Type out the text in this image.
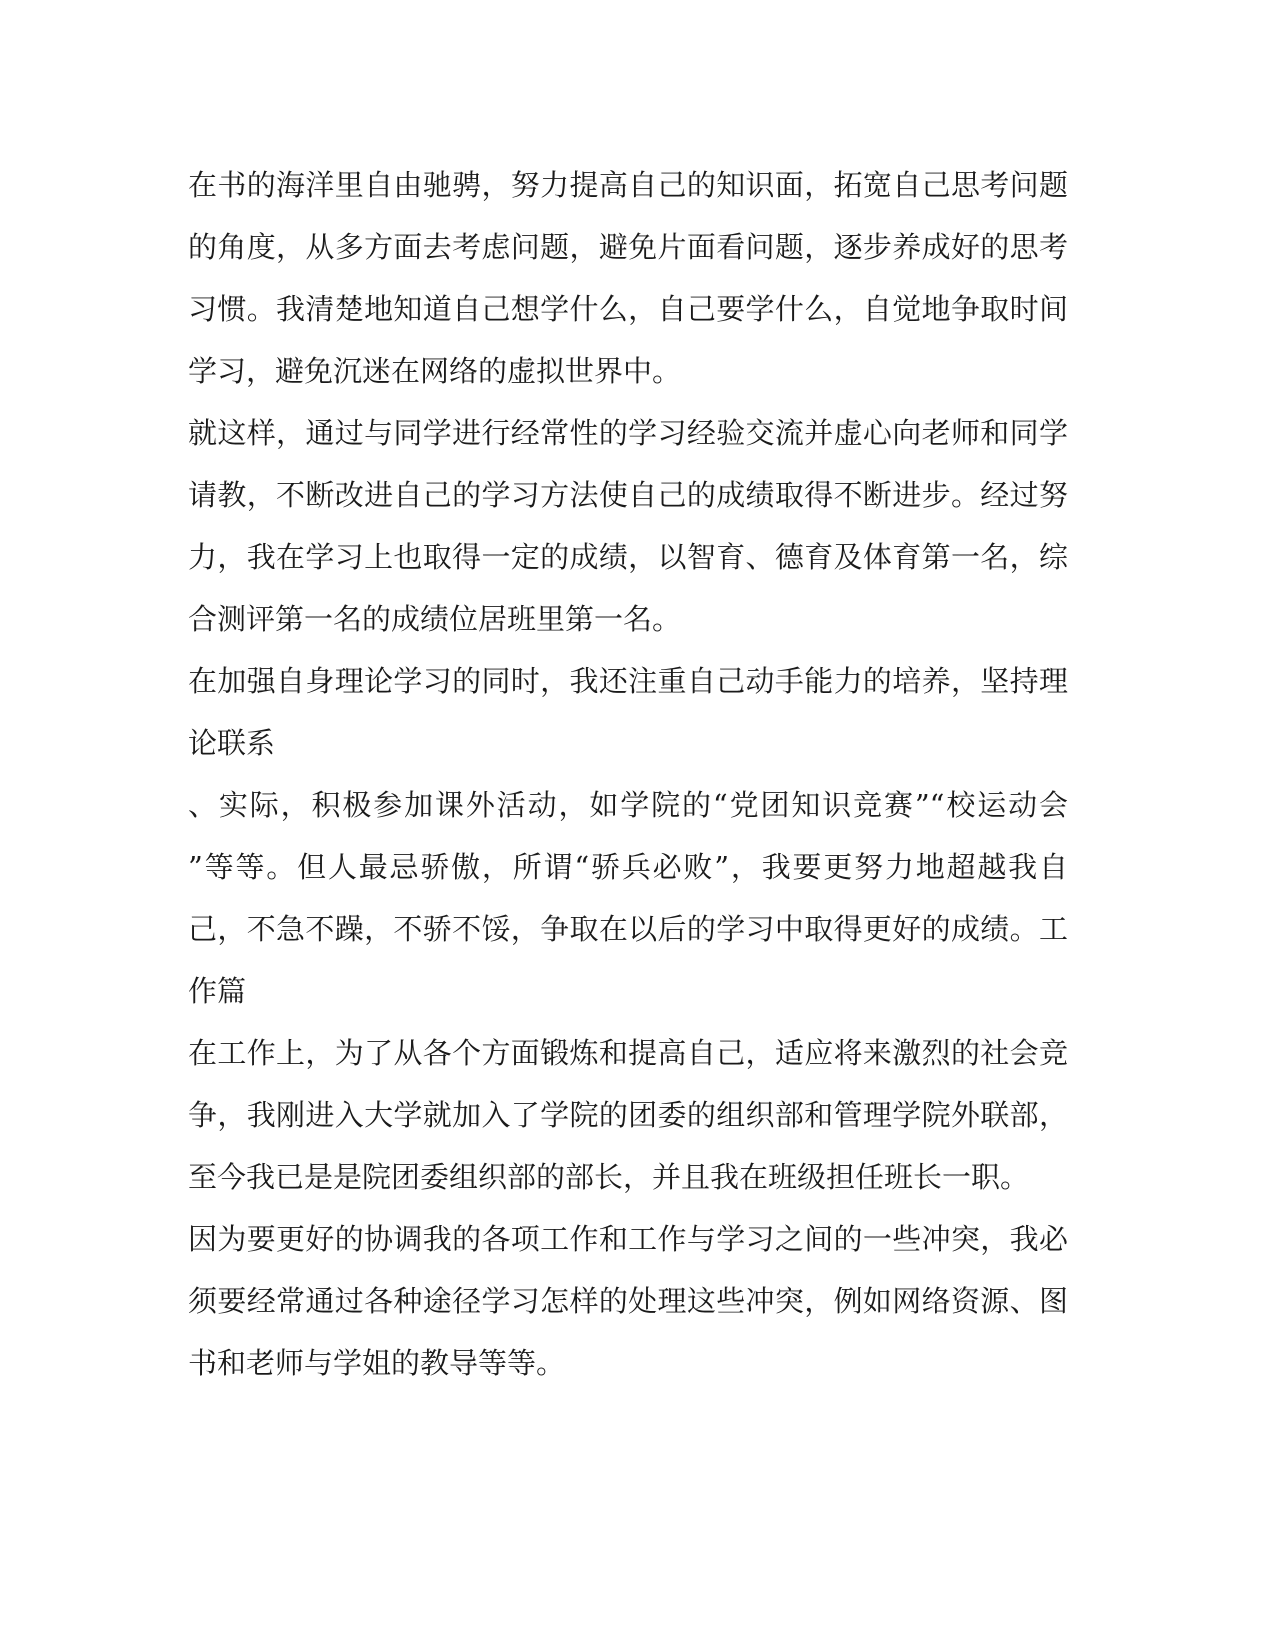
在书的海洋里自由驰骋，努力提高自己的知识面，拓宽自己思考问题

的角度，从多方面去考虑问题，避免片面看问题，逐步养成好的思考

习惯。我清楚地知道自己想学什么，自己要学什么，自觉地争取时间

学习，避免沉迷在网络的虚拟世界中。

就这样，通过与同学进行经常性的学习经验交流并虚心向老师和同学

请教，不断改进自己的学习方法使自己的成绩取得不断进步。经过努

力，我在学习上也取得一定的成绩，以智育、德育及体育第一名，综

合测评第一名的成绩位居班里第一名。

在加强自身理论学习的同时，我还注重自己动手能力的培养，坚持理

论联系

、实际，积极参加课外活动，如学院的“党团知识竞赛”“校运动会

”等等。但人最忌骄傲，所谓“骄兵必败”，我要更努力地超越我自

己，不急不躁，不骄不馁，争取在以后的学习中取得更好的成绩。工

作篇

在工作上，为了从各个方面锻炼和提高自己，适应将来激烈的社会竞

争，我刚进入大学就加入了学院的团委的组织部和管理学院外联部，

至今我已是是院团委组织部的部长，并且我在班级担任班长一职。

因为要更好的协调我的各项工作和工作与学习之间的一些冲突，我必

须要经常通过各种途径学习怎样的处理这些冲突，例如网络资源、图

书和老师与学姐的教导等等。
